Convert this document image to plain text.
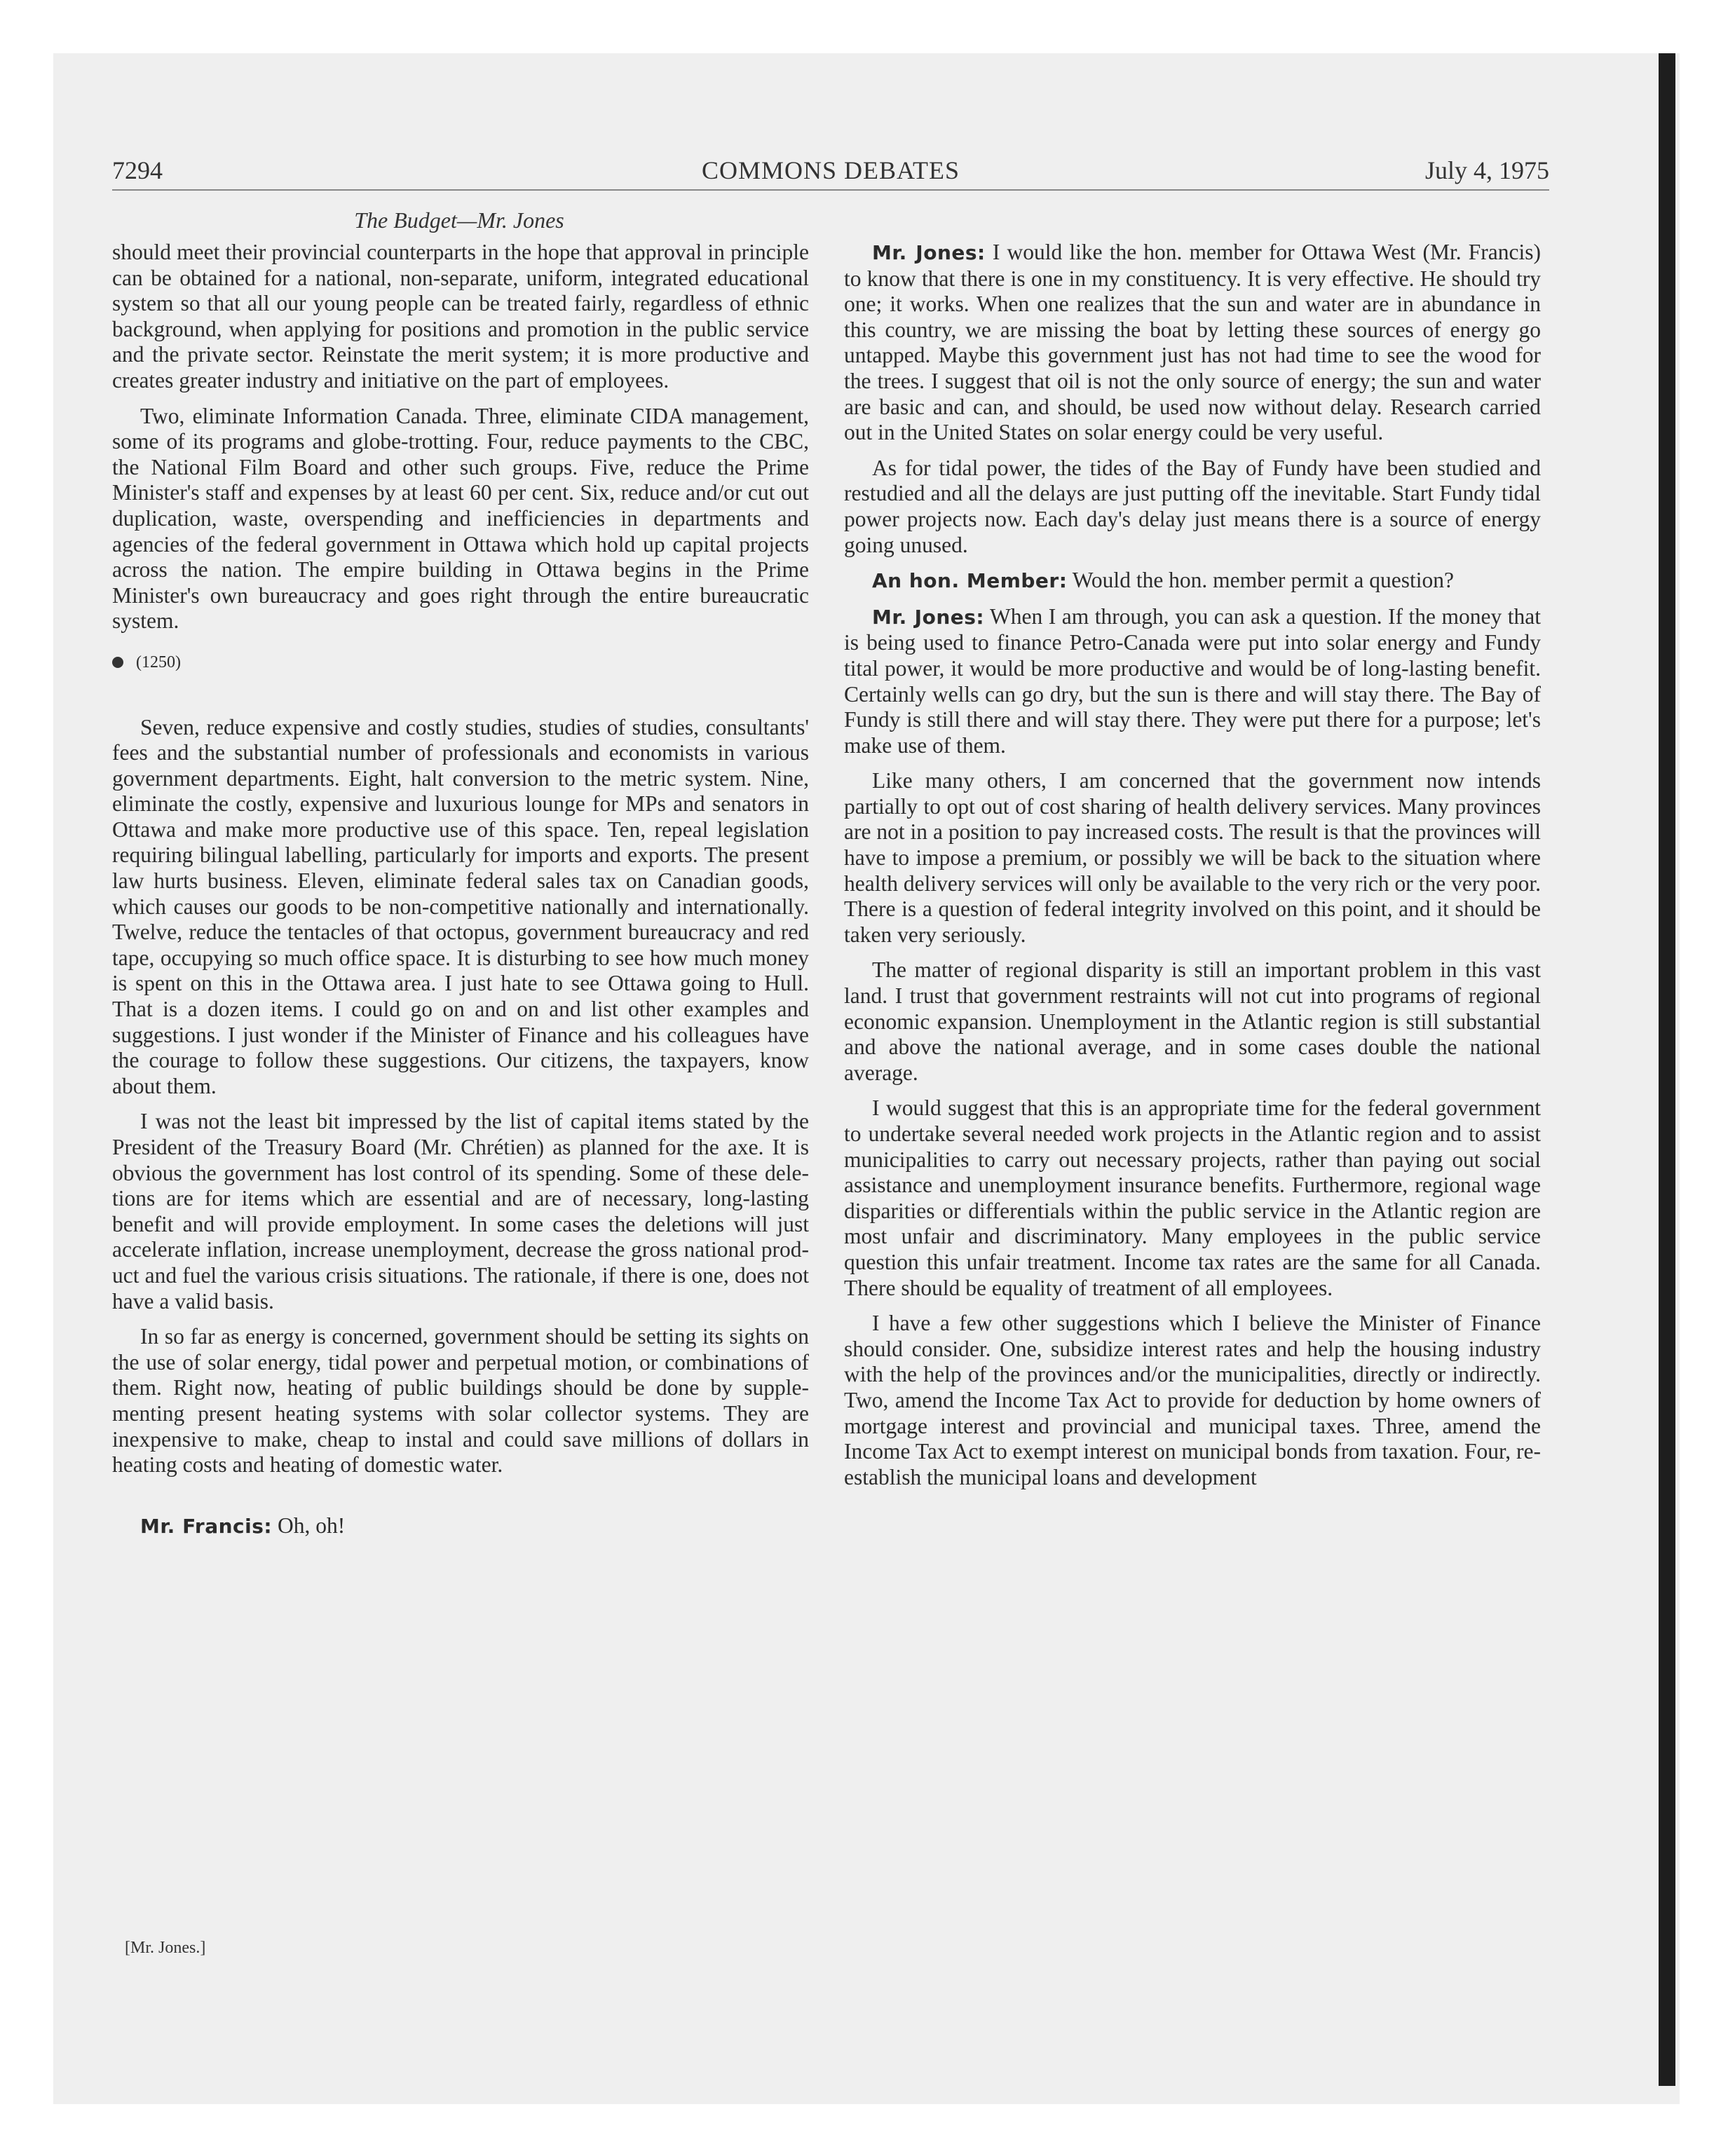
7294	COMMONS DEBATES	July 4, 1975
The Budget—Mr. Jones

should meet their provincial counterparts in the hope that approval in principle can be obtained for a national, non-separate, uniform, integrated educational system so that all our young people can be treated fairly, regardless of ethnic background, when applying for positions and promotion in the public service and the private sector. Reinstate the merit system; it is more productive and creates greater industry and initiative on the part of employees.

Two, eliminate Information Canada. Three, eliminate CIDA management, some of its programs and globe-trotting. Four, reduce payments to the CBC, the National Film Board and other such groups. Five, reduce the Prime Minister's staff and expenses by at least 60 per cent. Six, reduce and/or cut out duplication, waste, overspending and inefficiencies in departments and agencies of the federal government in Ottawa which hold up capital projects across the nation. The empire building in Ottawa begins in the Prime Minister's own bureaucracy and goes right through the entire bureaucratic system.

(1250)

Seven, reduce expensive and costly studies, studies of studies, consultants' fees and the substantial number of professionals and economists in various government departments. Eight, halt conversion to the metric system. Nine, eliminate the costly, expensive and luxurious lounge for MPs and senators in Ottawa and make more productive use of this space. Ten, repeal legislation requiring bilingual labelling, particularly for imports and exports. The present law hurts business. Eleven, eliminate federal sales tax on Canadian goods, which causes our goods to be non-competitive nationally and internationally. Twelve, reduce the tentacles of that octopus, government bureaucracy and red tape, occupying so much office space. It is disturbing to see how much money is spent on this in the Ottawa area. I just hate to see Ottawa going to Hull. That is a dozen items. I could go on and on and list other examples and suggestions. I just wonder if the Minister of Finance and his colleagues have the courage to follow these suggestions. Our citizens, the taxpayers, know about them.

I was not the least bit impressed by the list of capital items stated by the President of the Treasury Board (Mr. Chrétien) as planned for the axe. It is obvious the government has lost control of its spending. Some of these deletions are for items which are essential and are of necessary, long-lasting benefit and will provide employment. In some cases the deletions will just accelerate inflation, increase unemployment, decrease the gross national product and fuel the various crisis situations. The rationale, if there is one, does not have a valid basis.

In so far as energy is concerned, government should be setting its sights on the use of solar energy, tidal power and perpetual motion, or combinations of them. Right now, heating of public buildings should be done by supplementing present heating systems with solar collector systems. They are inexpensive to make, cheap to instal and could save millions of dollars in heating costs and heating of domestic water.

Mr. Francis: Oh, oh!

Mr. Jones: I would like the hon. member for Ottawa West (Mr. Francis) to know that there is one in my constituency. It is very effective. He should try one; it works. When one realizes that the sun and water are in abundance in this country, we are missing the boat by letting these sources of energy go untapped. Maybe this government just has not had time to see the wood for the trees. I suggest that oil is not the only source of energy; the sun and water are basic and can, and should, be used now without delay. Research carried out in the United States on solar energy could be very useful.

As for tidal power, the tides of the Bay of Fundy have been studied and restudied and all the delays are just putting off the inevitable. Start Fundy tidal power projects now. Each day's delay just means there is a source of energy going unused.

An hon. Member: Would the hon. member permit a question?

Mr. Jones: When I am through, you can ask a question. If the money that is being used to finance Petro-Canada were put into solar energy and Fundy tital power, it would be more productive and would be of long-lasting benefit. Certainly wells can go dry, but the sun is there and will stay there. The Bay of Fundy is still there and will stay there. They were put there for a purpose; let's make use of them.

Like many others, I am concerned that the government now intends partially to opt out of cost sharing of health delivery services. Many provinces are not in a position to pay increased costs. The result is that the provinces will have to impose a premium, or possibly we will be back to the situation where health delivery services will only be available to the very rich or the very poor. There is a question of federal integrity involved on this point, and it should be taken very seriously.

The matter of regional disparity is still an important problem in this vast land. I trust that government restraints will not cut into programs of regional economic expansion. Unemployment in the Atlantic region is still substantial and above the national average, and in some cases double the national average.

I would suggest that this is an appropriate time for the federal government to undertake several needed work projects in the Atlantic region and to assist municipalities to carry out necessary projects, rather than paying out social assistance and unemployment insurance benefits. Furthermore, regional wage disparities or differentials within the public service in the Atlantic region are most unfair and discriminatory. Many employees in the public service question this unfair treatment. Income tax rates are the same for all Canada. There should be equality of treatment of all employees.

I have a few other suggestions which I believe the Minister of Finance should consider. One, subsidize interest rates and help the housing industry with the help of the provinces and/or the municipalities, directly or indirectly. Two, amend the Income Tax Act to provide for deduction by home owners of mortgage interest and provincial and municipal taxes. Three, amend the Income Tax Act to exempt interest on municipal bonds from taxation. Four, re-establish the municipal loans and development

[Mr. Jones.]
